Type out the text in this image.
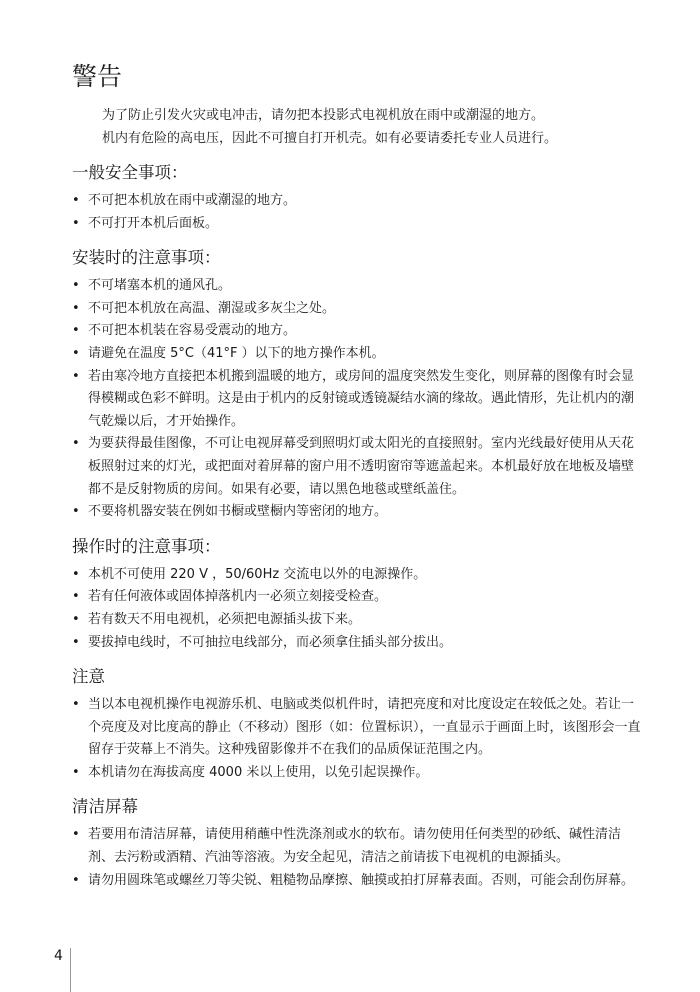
警告

为了防止引发火灾或电冲击，请勿把本投影式电视机放在雨中或潮湿的地方。

机内有危险的高电压，因此不可擅自打开机壳。如有必要请委托专业人员进行。

一般安全事项：
• 不可把本机放在雨中或潮湿的地方。
• 不可打开本机后面板。
安装时的注意事项：
• 不可堵塞本机的通风孔。
• 不可把本机放在高温、潮湿或多灰尘之处。
• 不可把本机装在容易受震动的地方。
• 请避免在温度 5°C（41°F ）以下的地方操作本机。
• 若由寒冷地方直接把本机搬到温暖的地方，或房间的温度突然发生变化，则屏幕的图像有时会显得模糊或色彩不鲜明。这是由于机内的反射镜或透镜凝结水滴的缘故。遇此情形，先让机内的潮气乾燥以后，才开始操作。
• 为要获得最佳图像，不可让电视屏幕受到照明灯或太阳光的直接照射。室内光线最好使用从天花板照射过来的灯光，或把面对着屏幕的窗户用不透明窗帘等遮盖起来。本机最好放在地板及墙壁都不是反射物质的房间。如果有必要，请以黑色地毯或壁纸盖住。
• 不要将机器安装在例如书橱或壁橱内等密闭的地方。
操作时的注意事项：
• 本机不可使用 220 V ，50/60Hz 交流电以外的电源操作。
• 若有任何液体或固体掉落机内一必须立刻接受检查。
• 若有数天不用电视机，必须把电源插头拔下来。
• 要拔掉电线时，不可抽拉电线部分，而必须拿住插头部分拔出。
注意
• 当以本电视机操作电视游乐机、电脑或类似机件时，请把亮度和对比度设定在较低之处。若让一个亮度及对比度高的静止（不移动）图形（如：位置标识），一直显示于画面上时，该图形会一直留存于荧幕上不消失。这种残留影像并不在我们的品质保证范围之内。
• 本机请勿在海拔高度 4000 米以上使用，以免引起误操作。
清洁屏幕
• 若要用布清洁屏幕，请使用稍蘸中性洗涤剂或水的软布。请勿使用任何类型的砂纸、碱性清洁剂、去污粉或酒精、汽油等溶液。为安全起见，清洁之前请拔下电视机的电源插头。
• 请勿用圆珠笔或螺丝刀等尖锐、粗糙物品摩擦、触摸或拍打屏幕表面。否则，可能会刮伤屏幕。
4
